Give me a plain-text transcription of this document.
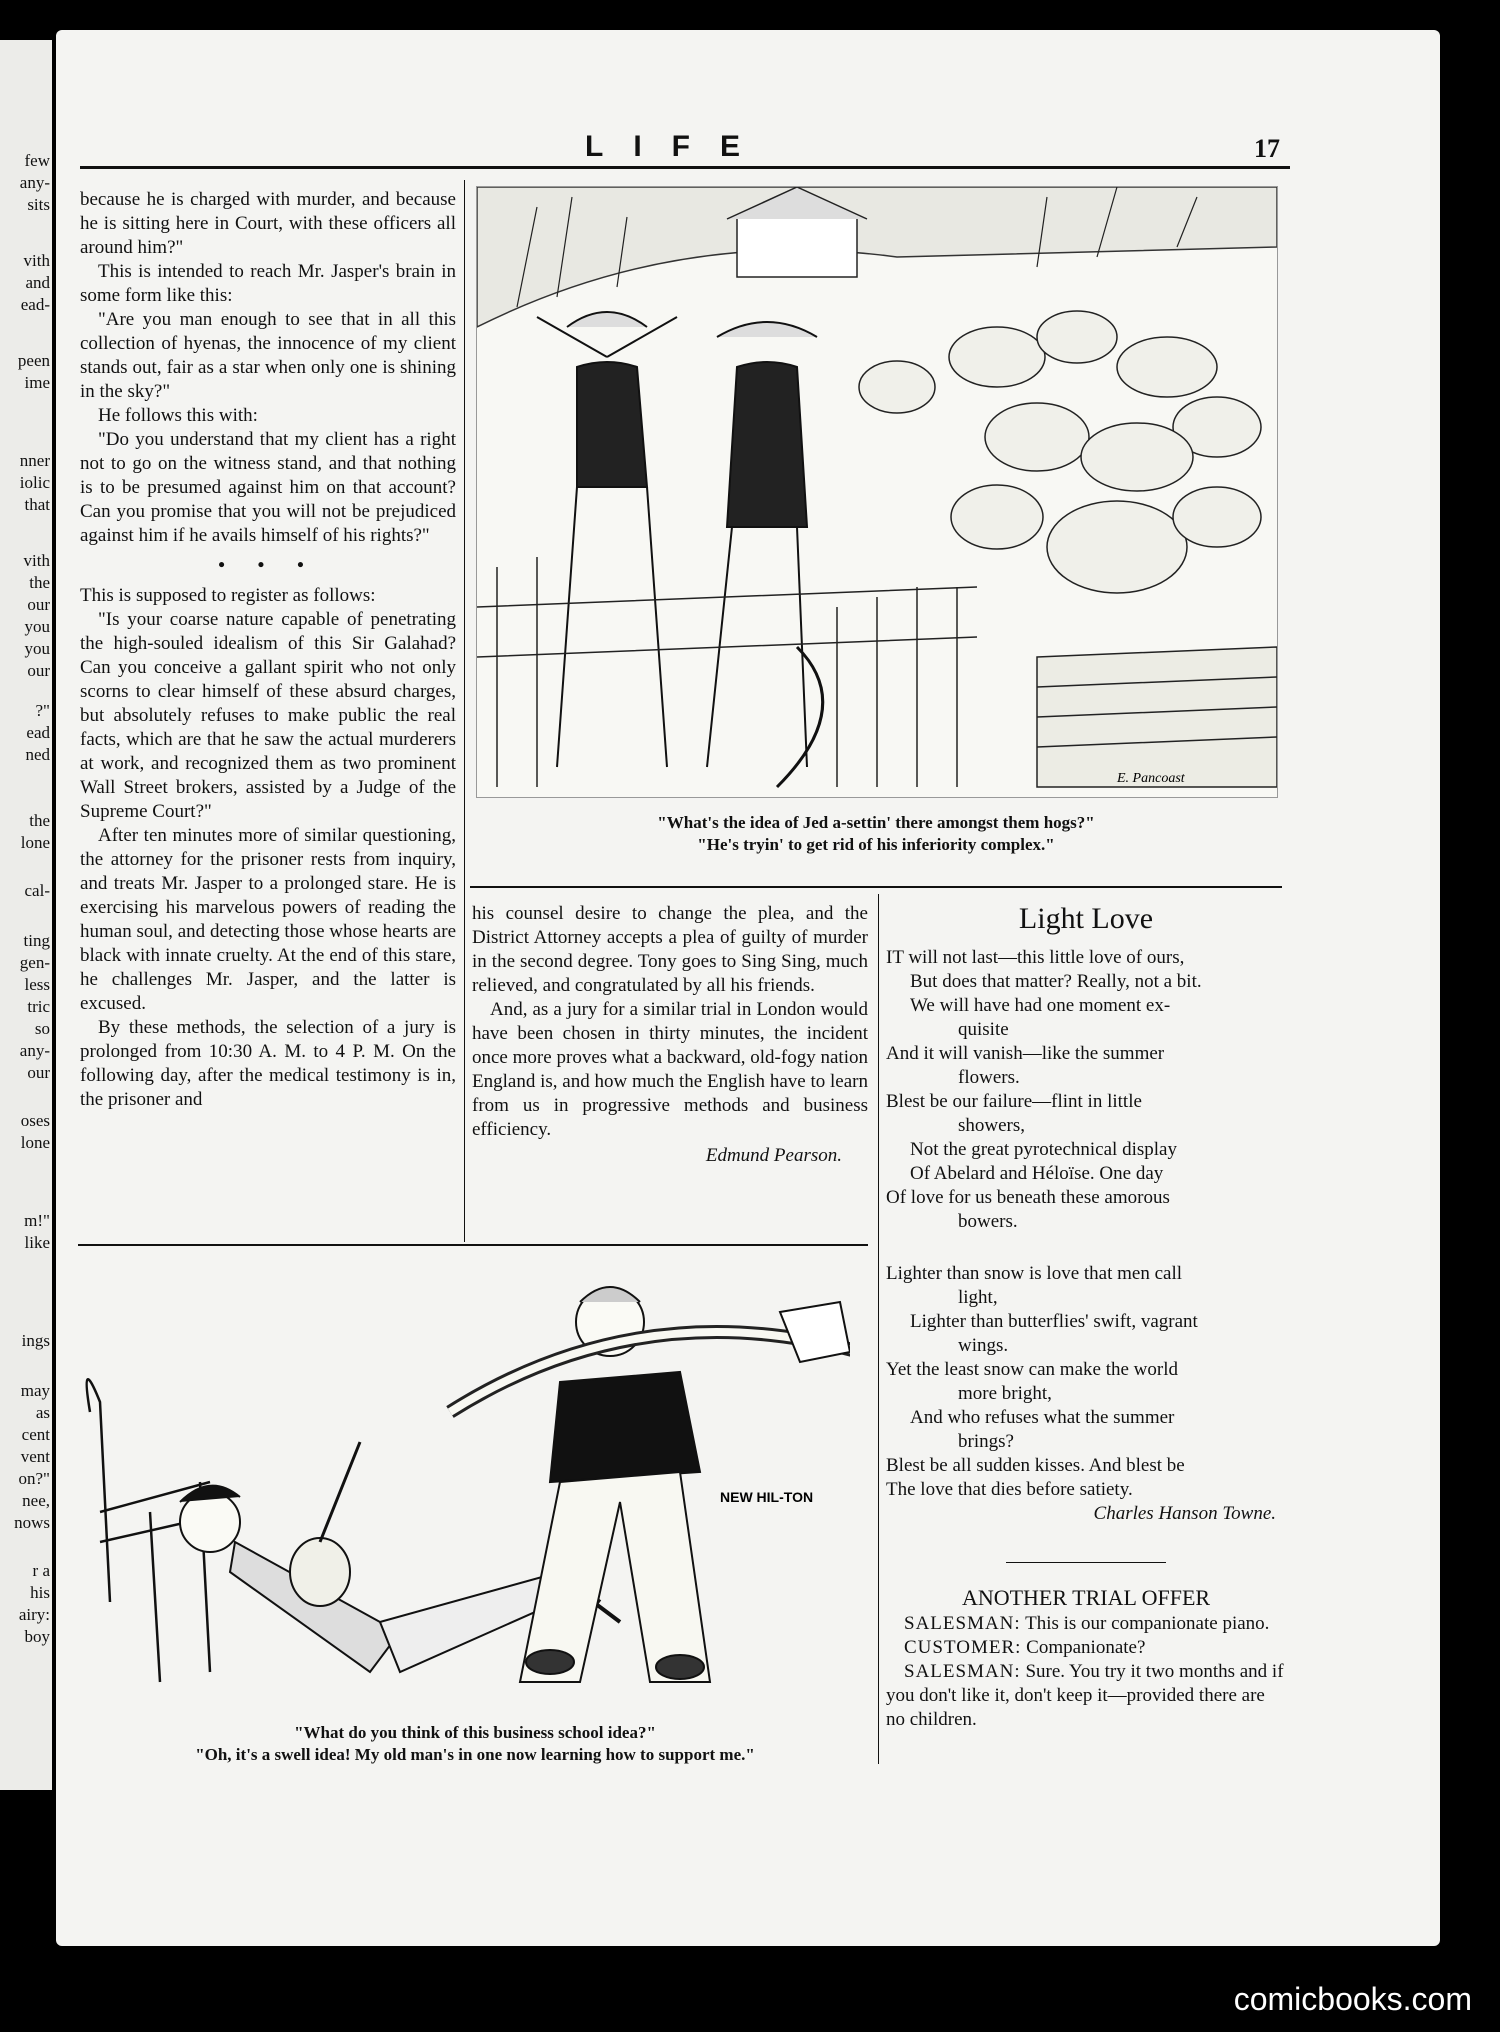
few
any-
sits
vith
and
ead-
peen
ime
nner
iolic
that
vith
the
our
you
you
our
?"
ead
ned
the
lone
cal-
ting
gen-
less
tric
so
any-
our
oses
lone
m!"
like
ings
may
as
cent
vent
on?"
nee,
nows
r a
his
airy:
boy
LIFE	17

because he is charged with murder, and because he is sitting here in Court, with these officers all around him?"

This is intended to reach Mr. Jasper's brain in some form like this:

"Are you man enough to see that in all this collection of hyenas, the innocence of my client stands out, fair as a star when only one is shining in the sky?"

He follows this with:

"Do you understand that my client has a right not to go on the witness stand, and that nothing is to be presumed against him on that account? Can you promise that you will not be prejudiced against him if he avails himself of his rights?"

• • •

This is supposed to register as follows:

"Is your coarse nature capable of penetrating the high-souled idealism of this Sir Galahad? Can you conceive a gallant spirit who not only scorns to clear himself of these absurd charges, but absolutely refuses to make public the real facts, which are that he saw the actual murderers at work, and recognized them as two prominent Wall Street brokers, assisted by a Judge of the Supreme Court?"

After ten minutes more of similar questioning, the attorney for the prisoner rests from inquiry, and treats Mr. Jasper to a prolonged stare. He is exercising his marvelous powers of reading the human soul, and detecting those whose hearts are black with innate cruelty. At the end of this stare, he challenges Mr. Jasper, and the latter is excused.

By these methods, the selection of a jury is prolonged from 10:30 A. M. to 4 P. M. On the following day, after the medical testimony is in, the prisoner and

E. Pancoast
"What's the idea of Jed a-settin' there amongst them hogs?"
"He's tryin' to get rid of his inferiority complex."

his counsel desire to change the plea, and the District Attorney accepts a plea of guilty of murder in the second degree. Tony goes to Sing Sing, much relieved, and congratulated by all his friends.

And, as a jury for a similar trial in London would have been chosen in thirty minutes, the incident once more proves what a backward, old-fogy nation England is, and how much the English have to learn from us in progressive methods and business efficiency.

Edmund Pearson.
Light Love
IT will not last—this little love of ours,
But does that matter? Really, not a bit.
We will have had one moment ex-
quisite
And it will vanish—like the summer
flowers.
Blest be our failure—flint in little
showers,
Not the great pyrotechnical display
Of Abelard and Héloïse. One day
Of love for us beneath these amorous
bowers.
Lighter than snow is love that men call
light,
Lighter than butterflies' swift, vagrant
wings.
Yet the least snow can make the world
more bright,
And who refuses what the summer
brings?
Blest be all sudden kisses. And blest be
The love that dies before satiety.
Charles Hanson Towne.
ANOTHER TRIAL OFFER

SALESMAN: This is our companionate piano.

CUSTOMER: Companionate?

SALESMAN: Sure. You try it two months and if you don't like it, don't keep it—provided there are no children.

NEW HIL-TON
"What do you think of this business school idea?"
"Oh, it's a swell idea! My old man's in one now learning how to support me."
comicbooks.com
